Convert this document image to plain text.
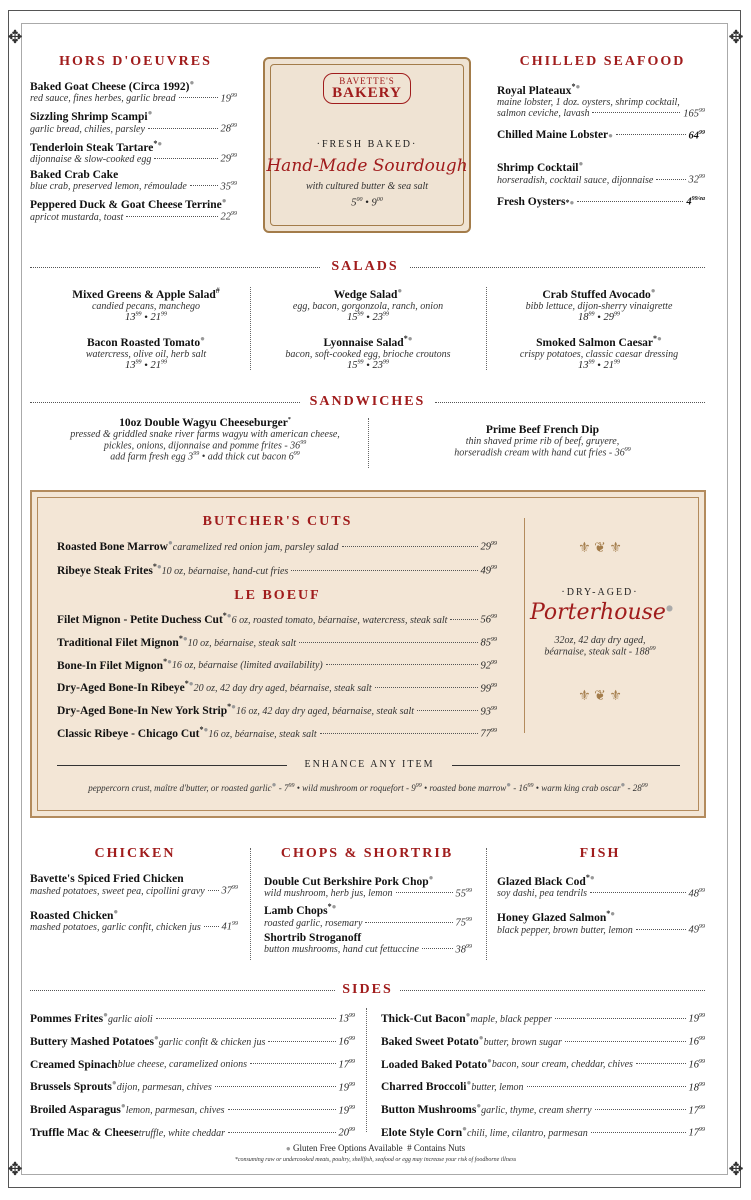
✥	✥
✥	✥
HORS D'OEUVRES
Baked Goat Cheese (Circa 1992)●
red sauce, fines herbes, garlic bread	$19^{99}$
Sizzling Shrimp Scampi●
garlic bread, chilies, parsley	$28^{99}$
Tenderloin Steak Tartare*●
dijonnaise & slow-cooked egg	$29^{99}$
Baked Crab Cake
blue crab, preserved lemon, rémoulade	$35^{99}$
Peppered Duck & Goat Cheese Terrine●
apricot mustarda, toast	$22^{99}$
BAVETTE'S
BAKERY
·FRESH BAKED·
Hand-Made Sourdough
with cultured butter & sea salt
$5^{00}$ • $9^{00}$
CHILLED SEAFOOD
Royal Plateaux*●
maine lobster, 1 doz. oysters, shrimp cocktail,
salmon ceviche, lavash	$165^{99}$
Chilled Maine Lobster ●	$64^{99}$
Shrimp Cocktail●
horseradish, cocktail sauce, dijonnaise	$32^{99}$
Fresh Oysters *●	$4^{99/ea}$
SALADS
Mixed Greens & Apple Salad#
candied pecans, manchego
$13^{99}$ • $21^{99}$
Wedge Salad●
egg, bacon, gorgonzola, ranch, onion
$15^{99}$ • $23^{99}$
Crab Stuffed Avocado●
bibb lettuce, dijon-sherry vinaigrette
$18^{99}$ • $29^{99}$
Bacon Roasted Tomato●
watercress, olive oil, herb salt
$13^{99}$ • $21^{99}$
Lyonnaise Salad*●
bacon, soft-cooked egg, brioche croutons
$15^{99}$ • $23^{99}$
Smoked Salmon Caesar*●
crispy potatoes, classic caesar dressing
$13^{99}$ • $21^{99}$
SANDWICHES
10oz Double Wagyu Cheeseburger*
pressed & griddled snake river farms wagyu with american cheese,
pickles, onions, dijonnaise and pomme frites - $36^{99}$
add farm fresh egg $3^{99}$ • add thick cut bacon $6^{99}$
Prime Beef French Dip
thin shaved prime rib of beef, gruyere,
horseradish cream with hand cut fries - $36^{99}$
BUTCHER'S CUTS
Roasted Bone Marrow● caramelized red onion jam, parsley salad	$29^{99}$
Ribeye Steak Frites*● 10 oz, béarnaise, hand-cut fries	$49^{99}$
LE BOEUF
Filet Mignon - Petite Duchess Cut*● 6 oz, roasted tomato, béarnaise, watercress, steak salt	$56^{99}$
Traditional Filet Mignon*● 10 oz, béarnaise, steak salt	$85^{99}$
Bone-In Filet Mignon*● 16 oz, béarnaise (limited availability)	$92^{99}$
Dry-Aged Bone-In Ribeye*● 20 oz, 42 day dry aged, béarnaise, steak salt	$99^{99}$
Dry-Aged Bone-In New York Strip*● 16 oz, 42 day dry aged, béarnaise, steak salt	$93^{99}$
Classic Ribeye - Chicago Cut*● 16 oz, béarnaise, steak salt	$77^{99}$
⚜ ❦ ⚜
·DRY-AGED·
Porterhouse●
32oz, 42 day dry aged,
béarnaise, steak salt - $188^{99}$
⚜ ❦ ⚜
ENHANCE ANY ITEM
peppercorn crust, maître d'butter, or roasted garlic● - $7^{99}$ • wild mushroom or roquefort - $9^{99}$ • roasted bone marrow● - $16^{99}$ • warm king crab oscar● - $28^{99}$
CHICKEN
Bavette's Spiced Fried Chicken
mashed potatoes, sweet pea, cipollini gravy $37^{99}$
Roasted Chicken●
mashed potatoes, garlic confit, chicken jus $41^{99}$
CHOPS & SHORTRIB
Double Cut Berkshire Pork Chop●
wild mushroom, herb jus, lemon	$55^{99}$
Lamb Chops*●
roasted garlic, rosemary	$75^{99}$
Shortrib Stroganoff
button mushrooms, hand cut fettuccine	$38^{99}$
FISH
Glazed Black Cod*●
soy dashi, pea tendrils	$48^{99}$
Honey Glazed Salmon*●
black pepper, brown butter, lemon	$49^{99}$
SIDES
Pommes Frites● garlic aioli	$13^{99}$
Buttery Mashed Potatoes● garlic confit & chicken jus	$16^{99}$
Creamed Spinach blue cheese, caramelized onions	$17^{99}$
Brussels Sprouts● dijon, parmesan, chives	$19^{99}$
Broiled Asparagus● lemon, parmesan, chives	$19^{99}$
Truffle Mac & Cheese truffle, white cheddar	$20^{99}$
Thick-Cut Bacon● maple, black pepper	$19^{99}$
Baked Sweet Potato● butter, brown sugar	$16^{99}$
Loaded Baked Potato● bacon, sour cream, cheddar, chives	$16^{99}$
Charred Broccoli● butter, lemon	$18^{99}$
Button Mushrooms● garlic, thyme, cream sherry	$17^{99}$
Elote Style Corn● chili, lime, cilantro, parmesan	$17^{99}$
● Gluten Free Options Available # Contains Nuts
*consuming raw or undercooked meats, poultry, shellfish, seafood or egg may increase your risk of foodborne illness
